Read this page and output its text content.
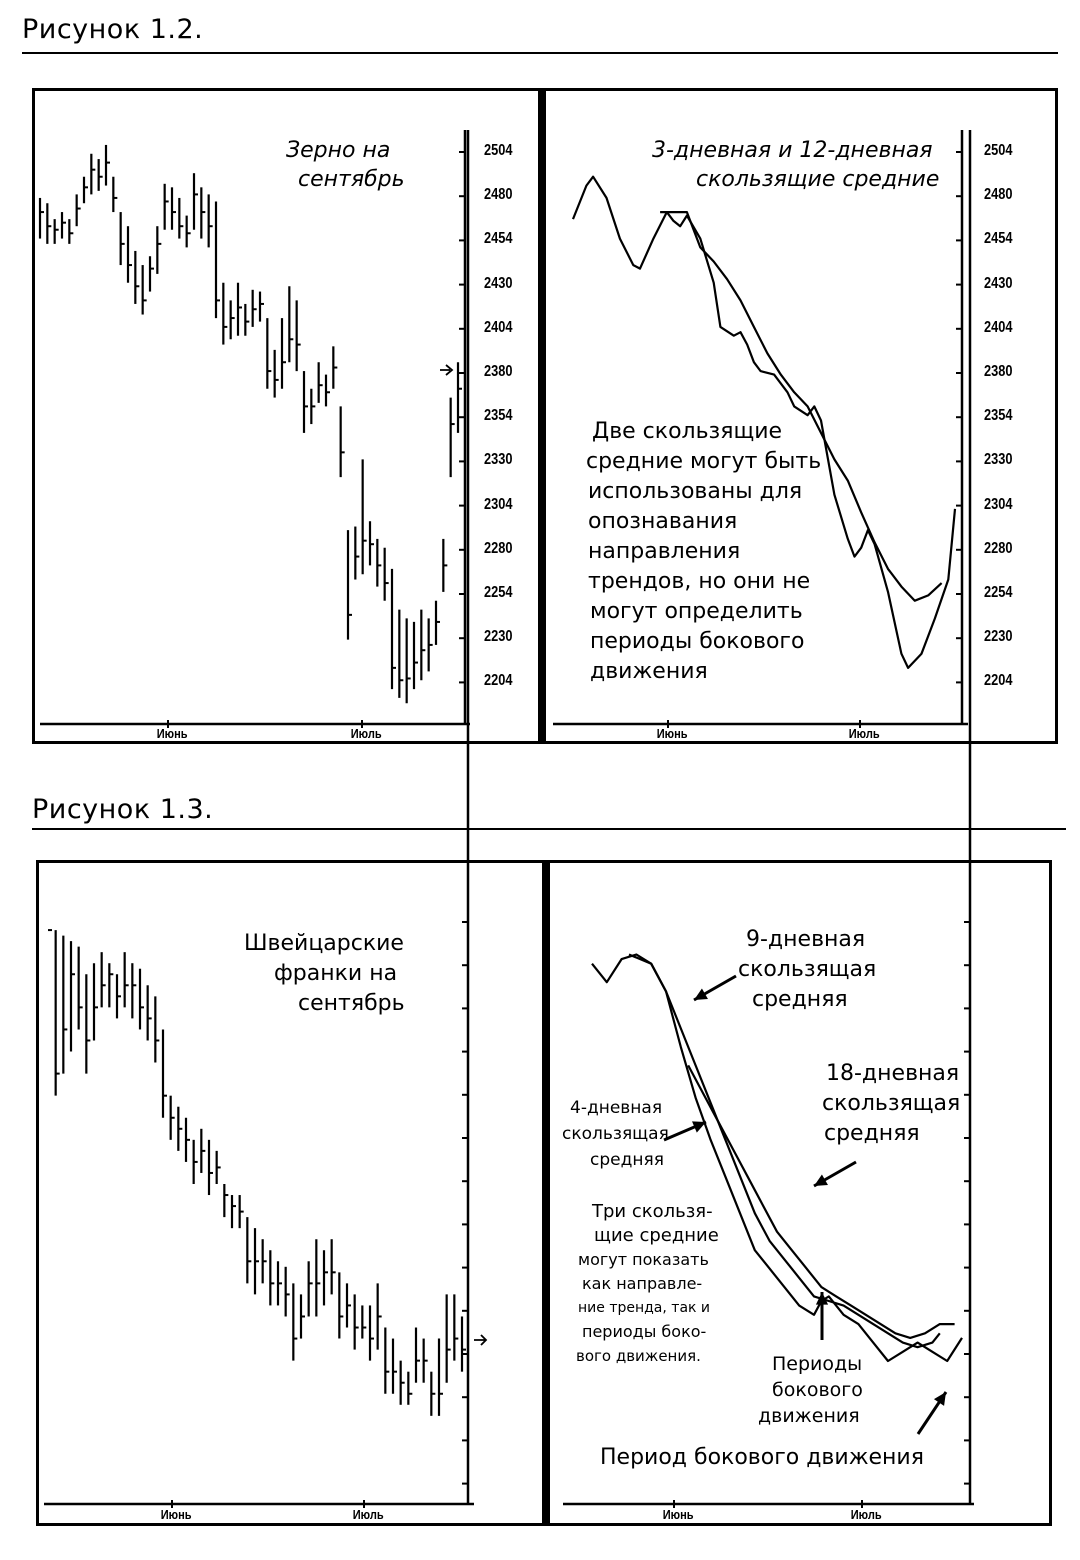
Рисунок 1.2.
Рисунок 1.3.
Зерно на
сентябрь
3-дневная и 12-дневная
скользящие средние
Две скользящие
средние могут быть
использованы для
опознавания
направления
трендов, но они не
могут определить
периоды бокового
движения
Швейцарские
франки на
сентябрь
9-дневная
скользящая
средняя
18-дневная
скользящая
средняя
4-дневная
скользящая
средняя
Три скользя-
щие средние
могут показать
как направле-
ние тренда, так и
периоды боко-
вого движения.	Периоды
бокового
движения
Период бокового движения
Июнь	Июль
2504
2480
2454
2430
2404
2380
2354
2330
2304
2280
2254
2230
2204
Июнь	Июль
2504
2480
2454
2430
2404
2380
2354
2330
2304
2280
2254
2230
2204
Июнь	Июль	Июнь	Июль
